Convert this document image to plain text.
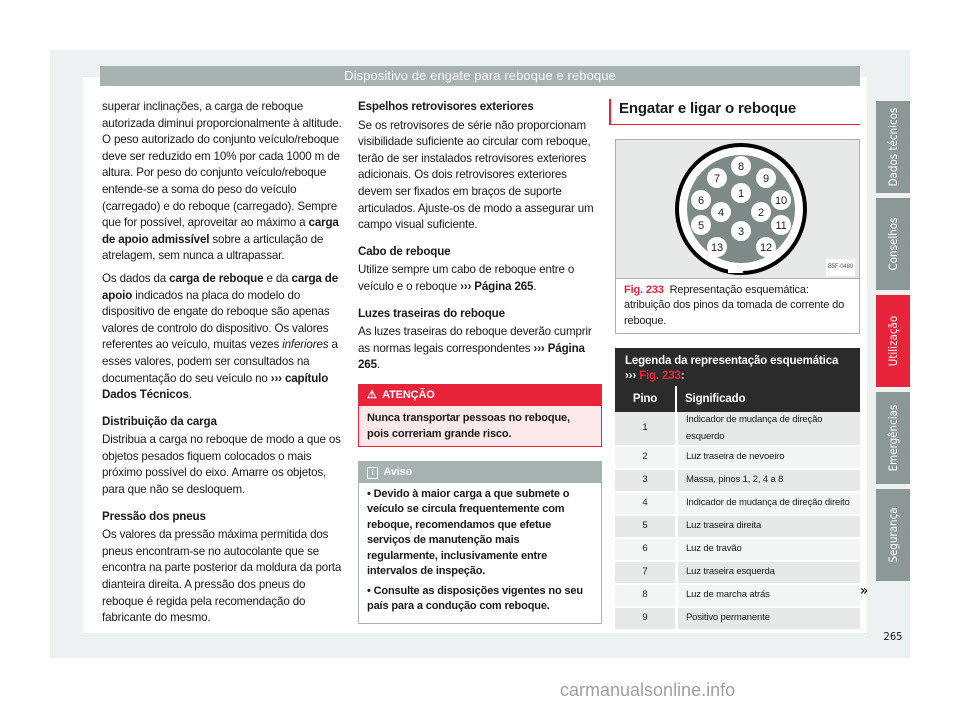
Dispositivo de engate para reboque e reboque

superar inclinações, a carga de reboque autorizada diminui proporcionalmente à altitude. O peso autorizado do conjunto veículo/reboque deve ser reduzido em 10% por cada 1000 m de altura. Por peso do conjunto veículo/reboque entende-se a soma do peso do veículo (carregado) e do reboque (carregado). Sempre que for possível, aproveitar ao máximo a carga de apoio admissível sobre a articulação de atrelagem, sem nunca a ultrapassar.

Os dados da carga de reboque e da carga de apoio indicados na placa do modelo do dispositivo de engate do reboque são apenas valores de controlo do dispositivo. Os valores referentes ao veículo, muitas vezes inferiores a esses valores, podem ser consultados na documentação do seu veículo no ››› capítulo Dados Técnicos.

Distribuição da carga

Distribua a carga no reboque de modo a que os objetos pesados fiquem colocados o mais próximo possível do eixo. Amarre os objetos, para que não se desloquem.

Pressão dos pneus

Os valores da pressão máxima permitida dos pneus encontram-se no autocolante que se encontra na parte posterior da moldura da porta dianteira direita. A pressão dos pneus do reboque é regida pela recomendação do fabricante do mesmo.

Espelhos retrovisores exteriores

Se os retrovisores de série não proporcionam visibilidade suficiente ao circular com reboque, terão de ser instalados retrovisores exteriores adicionais. Os dois retrovisores exteriores devem ser fixados em braços de suporte articulados. Ajuste-os de modo a assegurar um campo visual suficiente.

Cabo de reboque

Utilize sempre um cabo de reboque entre o veículo e o reboque ››› Página 265.

Luzes traseiras do reboque

As luzes traseiras do reboque deverão cumprir as normas legais correspondentes ››› Página 265.

⚠ ATENÇÃO
Nunca transportar pessoas no reboque, pois correriam grande risco.
i Aviso

• Devido à maior carga a que submete o veículo se circula frequentemente com reboque, recomendamos que efetue serviços de manutenção mais regularmente, inclusivamente entre intervalos de inspeção.

• Consulte as disposições vigentes no seu país para a condução com reboque.

Engatar e ligar o reboque
8
7	9
6
1
10
4	2
5	3	11
13	12
B5F-0480
Fig. 233 Representação esquemática: atribuição dos pinos da tomada de corrente do reboque.
Legenda da representação esquemática
››› Fig. 233:
Pino	Significado
1	Indicador de mudança de direção esquerdo
2	Luz traseira de nevoeiro
3	Massa, pinos 1, 2, 4 a 8
4	Indicador de mudança de direção direito
5	Luz traseira direita
6	Luz de travão
7	Luz traseira esquerda
8	Luz de marcha atrás
9	Positivo permanente
»
Dados técnicos
Conselhos
Utilização
Emergências
Segurança
265
carmanualsonline.info
